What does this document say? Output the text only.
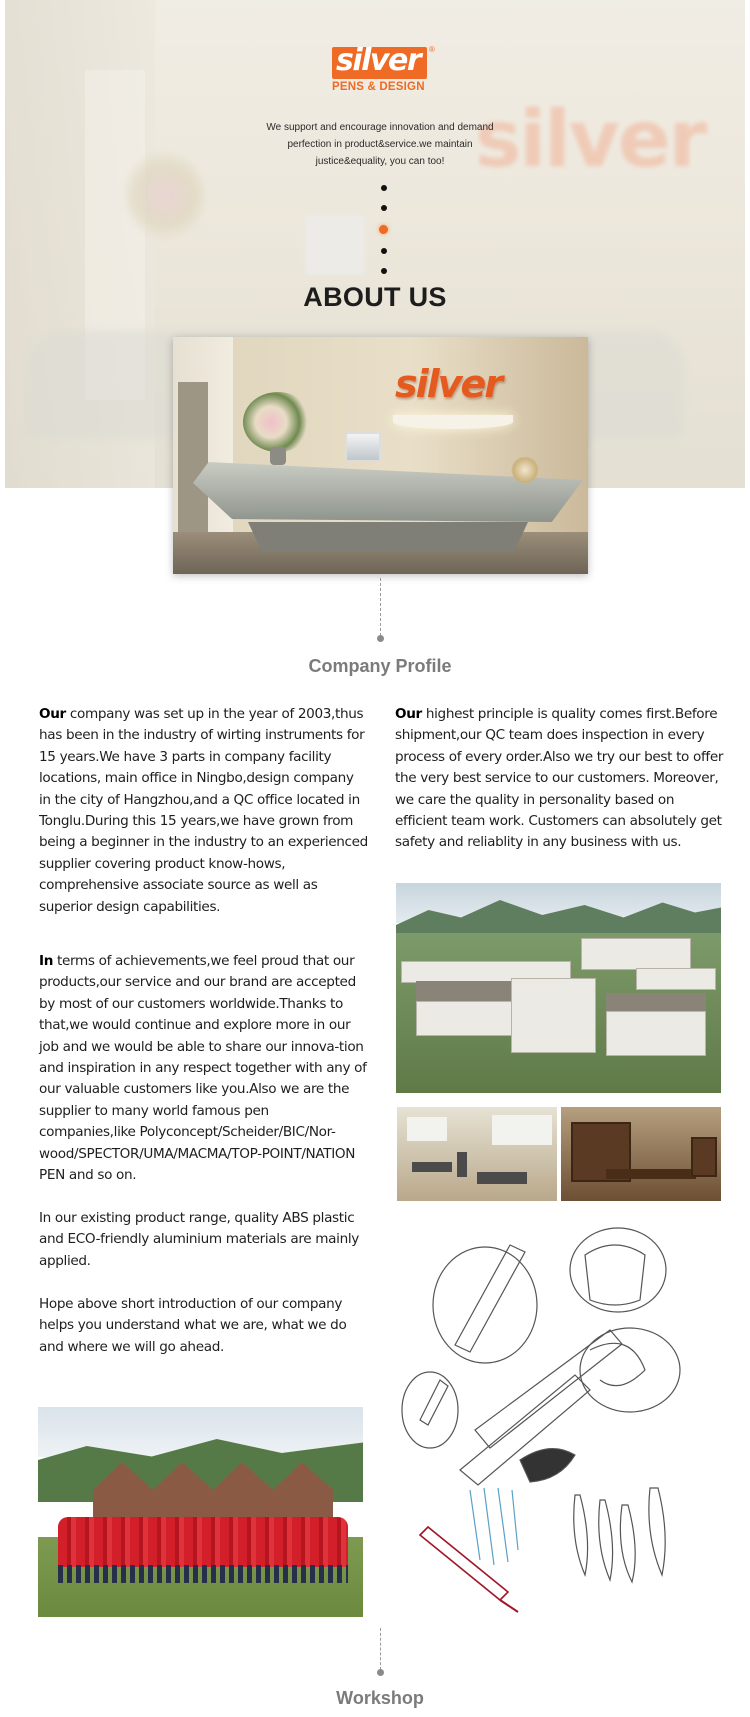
silver
silver ®
PENS & DESIGN
We support and encourage innovation and demand perfection in product&service.we maintain justice&equality, you can too!
ABOUT US
silver
Company Profile
Our company was set up in the year of 2003,thus has been in the industry of wirting instruments for 15 years.We have 3 parts in company facility locations, main office in Ningbo,design company in the city of Hangzhou,and a QC office located in Tonglu.During this 15 years,we have grown from being a beginner in the industry to an experienced supplier covering product know-hows, comprehensive associate source as well as superior design capabilities.
In terms of achievements,we feel proud that our products,our service and our brand are accepted by most of our customers worldwide.Thanks to that,we would continue and explore more in our job and we would be able to share our innova-tion and inspiration in any respect together with any of our valuable customers like you.Also we are the supplier to many world famous pen companies,like Polyconcept/Scheider/BIC/Nor-wood/SPECTOR/UMA/MACMA/TOP-POINT/NATION PEN and so on.
In our existing product range, quality ABS plastic and ECO-friendly aluminium materials are mainly applied.
Hope above short introduction of our company helps you understand what we are, what we do and where we will go ahead.
Our highest principle is quality comes first.Before shipment,our QC team does inspection in every process of every order.Also we try our best to offer the very best service to our customers. Moreover, we care the quality in personality based on efficient team work. Customers can absolutely get safety and reliablity in any business with us.
Workshop
